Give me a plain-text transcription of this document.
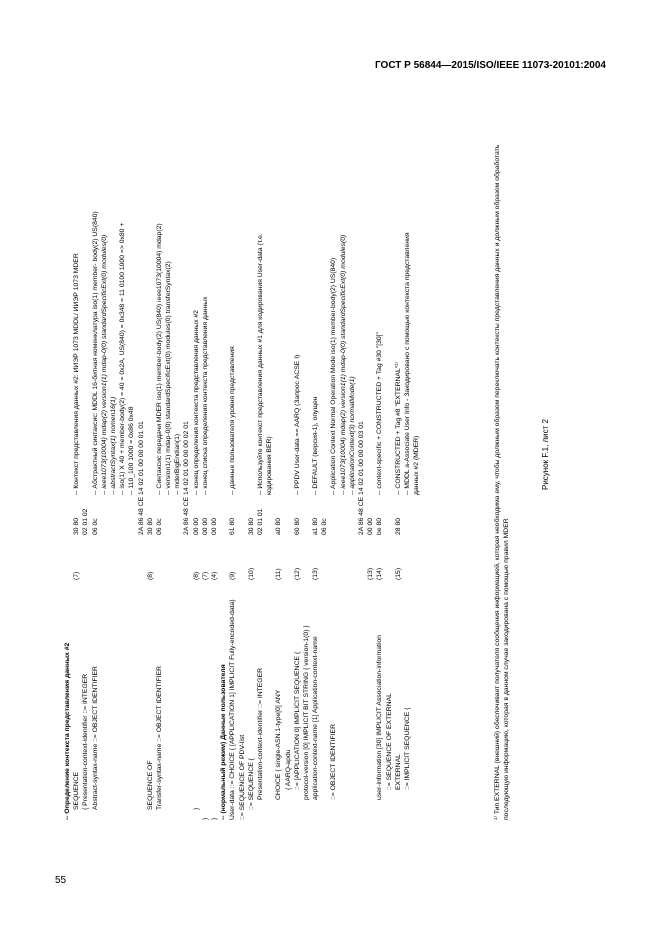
ГОСТ Р 56844—2015/ISO/IEEE 11073-20101:2004
-- Определение контекста представления данных #2 SEQUENCE
(7)
30 80
-- Контекст представления данных #2: ИИЭР 1073 MDDL/ ИИЭР 1073 MDER
{ Presentation-context-identifier ::= INTEGER
02 01 02
Abstract-syntax-name ::= OBJECT IDENTIFIER
06 0c
-- Абстрактный синтаксис: MDDL 16-битная номенклатура iso(1) member- body(2) US(840) -- ieee1073(10004) mdap(2) version1(1) mdap-0(0) standardSpecificExt(0) modules(0) -- abstractSyntax(1) nomen16(1) -- iso(1) X 40 + member-body(2) = 40 = 0x2A, US(840) = 0x348 = 11 0100 1000 => 0x80 + -- 110_100 1000 = 0x86 0x48 2A 86 48 CE 14 02 01 00 00 00 01 01
SEQUENCE OF
(8)
30 80
Transfer-syntax-name ::= OBJECT IDENTIFIER
06 0c
-- Синтаксис передачи MDER iso(1) member-body(2) US(840) ieee1073(10004) mdap(2) -- version1(1) mdap-0(0) standardSpecificExt(0) modules(0) transferSyntax(2) -- mderBigEndian(1) 2A 86 48 CE 14 02 01 00 00 00 02 01
}
(8)
00 00
-- конец определения контекста представления данных #2
}
(7)
00 00
-- конец списка определения контекста представления данных
}
(4)
00 00
-- (нормальный режим) Данные пользователя User-data ::= CHOICE { [APPLICATION 1] IMPLICIT Fully-encoded-data}
(9)
61 80
-- данные пользователя уровня представления
::= SEQUENCE OF PDV-list ::= SEQUENCE {
(10)
30 80
Presentation-context-identifier ::= INTEGER
02 01 01
-- Используйте контекст представления данных #1 для кодирования User-data (т.е. кодирования BER)
CHOICE { single-ASN.1-type[0] ANY
(11)
a0 80
{ AARQ-apdu ::= [APPLICATION 0] IMPLICIT SEQUENCE {
(12)
60 80
-- PPDV User-data == AARQ (Запрос ACSE I)
protocol-version [0] IMPLICIT BIT STRING { version-1(0) } application-context-name [1] Application-context-name
(13)
a1 80
-- DEFAULT (версия-1), опущен
06 0c
::= OBJECT IDENTIFIER
-- Application Context Normal Operation Mode iso(1) member-body(2) US(840) -- ieee1073(10004) mdap(2) version1(1) mdap-0(0) standardSpecificExt(0) modules(0) -- applicationContext(3) normalMode(1) 2A 86 48 CE 14 02 01 00 00 00 03 01
(13)
00 00
user-information [30] IMPLICIT Association-information
(14)
be 80
-- context-specific + CONSTRUCTED + Tag #30 "[30]"
::= SEQUENCE OF EXTERNAL EXTERNAL
(15)
28 80
-- CONSTRUCTED + Tag #8 "EXTERNAL"¹⁾
::= IMPLICIT SEQUENCE {
-- MDDL a-Associate User Info - Закодировано с помощью контекста представления данных #2 (MDER)	¹⁾ Тип EXTERNAL (внешний) обеспечивает получателя сообщения информацией, которая необходима ему, чтобы должным образом переключать контексты представления данных и должным образом обработать последующую информацию, которая в данном случае закодирована с помощью правил MDER
Рисунок F.1, лист 2
55
